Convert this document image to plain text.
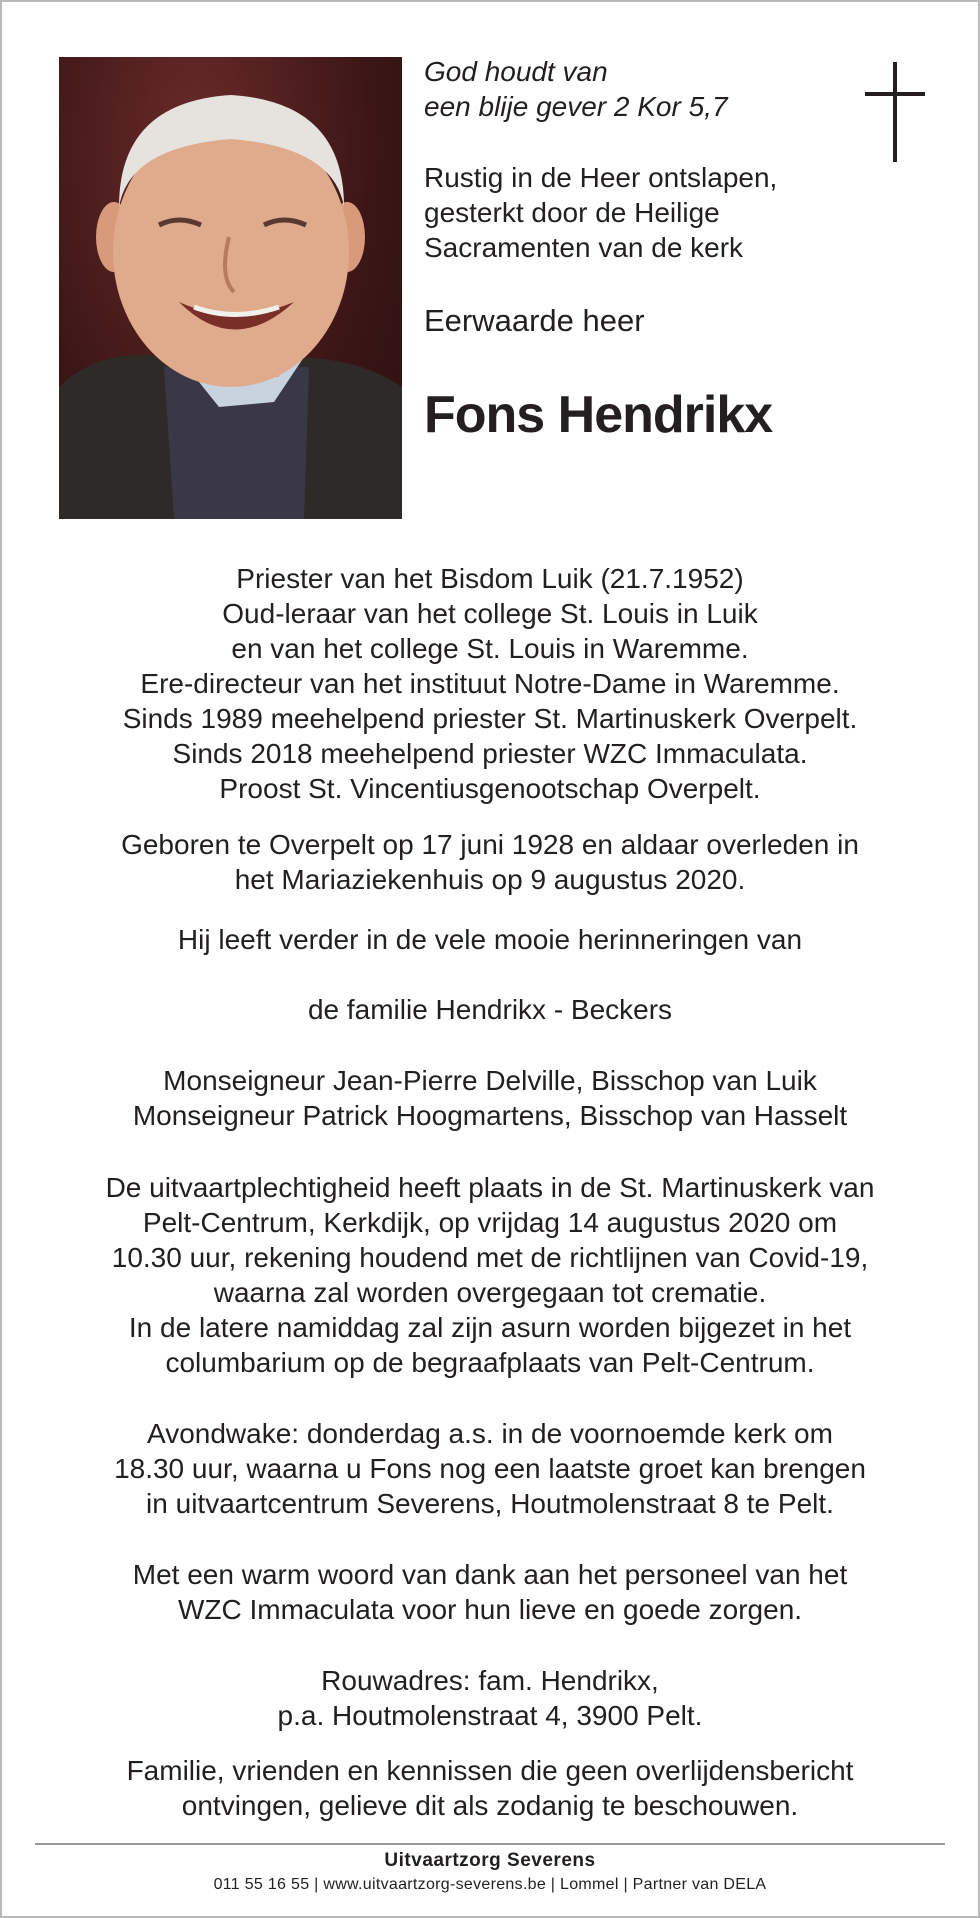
God houdt van
een blije gever 2 Kor 5,7
Rustig in de Heer ontslapen,
gesterkt door de Heilige
Sacramenten van de kerk
Eerwaarde heer
Fons Hendrikx

Priester van het Bisdom Luik (21.7.1952)

Oud-leraar van het college St. Louis in Luik

en van het college St. Louis in Waremme.

Ere-directeur van het instituut Notre-Dame in Waremme.

Sinds 1989 meehelpend priester St. Martinuskerk Overpelt.

Sinds 2018 meehelpend priester WZC Immaculata.

Proost St. Vincentiusgenootschap Overpelt.

Geboren te Overpelt op 17 juni 1928 en aldaar overleden in

het Mariaziekenhuis op 9 augustus 2020.

Hij leeft verder in de vele mooie herinneringen van

de familie Hendrikx - Beckers

Monseigneur Jean-Pierre Delville, Bisschop van Luik

Monseigneur Patrick Hoogmartens, Bisschop van Hasselt

De uitvaartplechtigheid heeft plaats in de St. Martinuskerk van

Pelt-Centrum, Kerkdijk, op vrijdag 14 augustus 2020 om

10.30 uur, rekening houdend met de richtlijnen van Covid-19,

waarna zal worden overgegaan tot crematie.

In de latere namiddag zal zijn asurn worden bijgezet in het

columbarium op de begraafplaats van Pelt-Centrum.

Avondwake: donderdag a.s. in de voornoemde kerk om

18.30 uur, waarna u Fons nog een laatste groet kan brengen

in uitvaartcentrum Severens, Houtmolenstraat 8 te Pelt.

Met een warm woord van dank aan het personeel van het

WZC Immaculata voor hun lieve en goede zorgen.

Rouwadres: fam. Hendrikx,

p.a. Houtmolenstraat 4, 3900 Pelt.

Familie, vrienden en kennissen die geen overlijdensbericht

ontvingen, gelieve dit als zodanig te beschouwen.

Uitvaartzorg Severens
011 55 16 55 | www.uitvaartzorg-severens.be | Lommel | Partner van DELA
